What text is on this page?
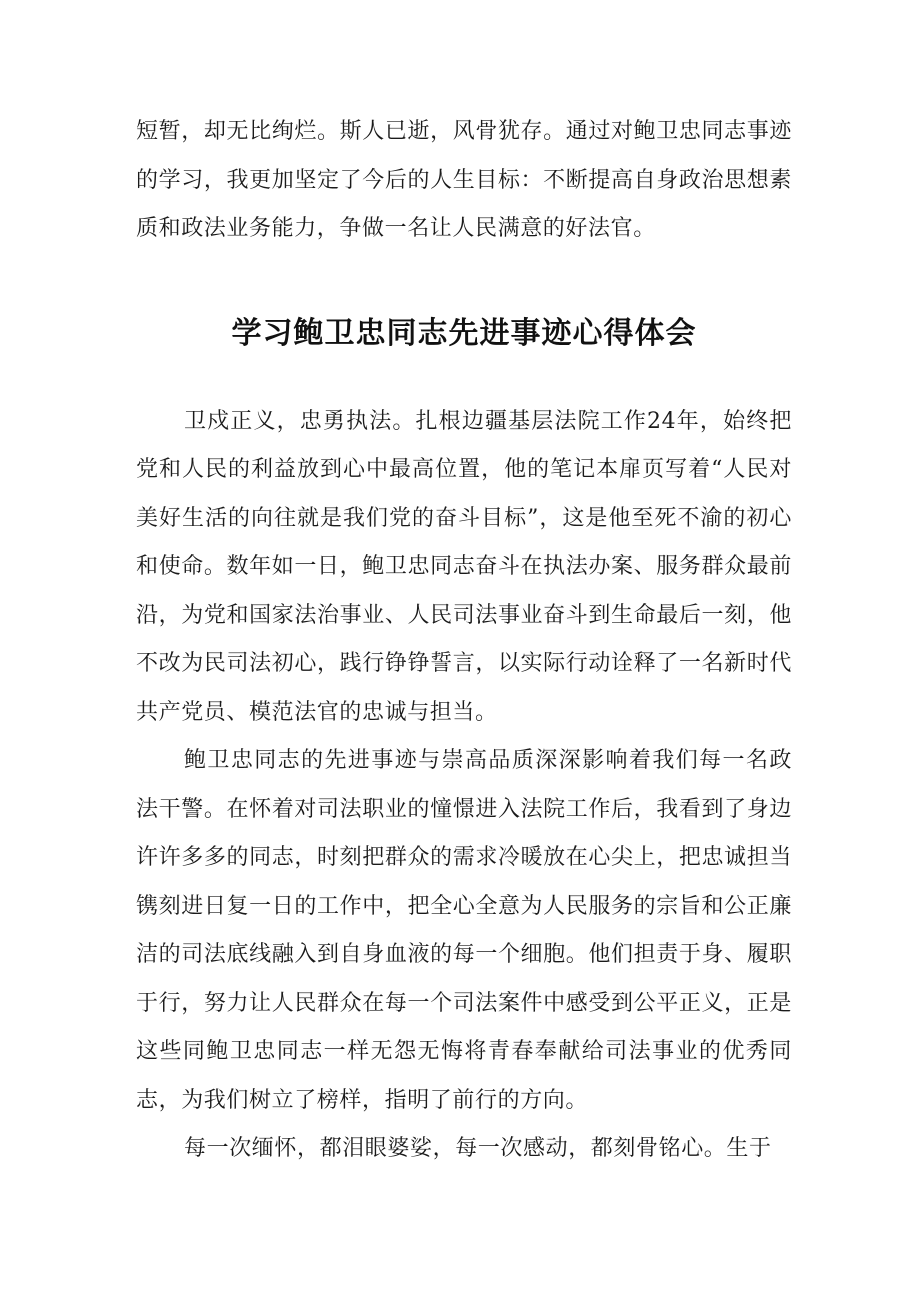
短暂，却无比绚烂。斯人已逝，风骨犹存。通过对鲍卫忠同志事迹的学习，我更加坚定了今后的人生目标：不断提高自身政治思想素质和政法业务能力，争做一名让人民满意的好法官。

学习鲍卫忠同志先进事迹心得体会

卫戍正义，忠勇执法。扎根边疆基层法院工作24年，始终把党和人民的利益放到心中最高位置，他的笔记本扉页写着“人民对美好生活的向往就是我们党的奋斗目标”，这是他至死不渝的初心和使命。数年如一日，鲍卫忠同志奋斗在执法办案、服务群众最前沿，为党和国家法治事业、人民司法事业奋斗到生命最后一刻，他不改为民司法初心，践行铮铮誓言，以实际行动诠释了一名新时代共产党员、模范法官的忠诚与担当。

鲍卫忠同志的先进事迹与崇高品质深深影响着我们每一名政法干警。在怀着对司法职业的憧憬进入法院工作后，我看到了身边许许多多的同志，时刻把群众的需求冷暖放在心尖上，把忠诚担当镌刻进日复一日的工作中，把全心全意为人民服务的宗旨和公正廉洁的司法底线融入到自身血液的每一个细胞。他们担责于身、履职于行，努力让人民群众在每一个司法案件中感受到公平正义，正是这些同鲍卫忠同志一样无怨无悔将青春奉献给司法事业的优秀同志，为我们树立了榜样，指明了前行的方向。

每一次缅怀，都泪眼婆娑，每一次感动，都刻骨铭心。生于
